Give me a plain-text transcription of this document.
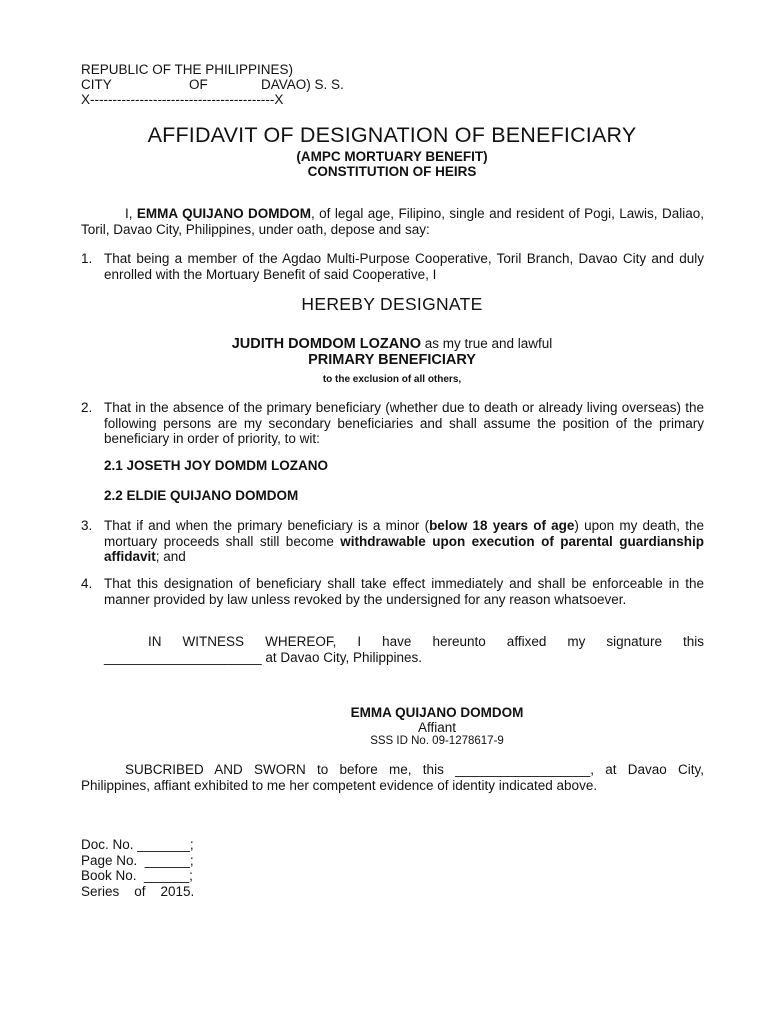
REPUBLIC OF THE PHILIPPINES)
CITY	OF	DAVAO) S. S.
X-----------------------------------------X
AFFIDAVIT OF DESIGNATION OF BENEFICIARY
(AMPC MORTUARY BENEFIT)
CONSTITUTION OF HEIRS
I, EMMA QUIJANO DOMDOM, of legal age, Filipino, single and resident of Pogi, Lawis, Daliao, Toril, Davao City, Philippines, under oath, depose and say:
1. That being a member of the Agdao Multi-Purpose Cooperative, Toril Branch, Davao City and duly enrolled with the Mortuary Benefit of said Cooperative, I
HEREBY DESIGNATE
JUDITH DOMDOM LOZANO as my true and lawful
PRIMARY BENEFICIARY
to the exclusion of all others,
2. That in the absence of the primary beneficiary (whether due to death or already living overseas) the following persons are my secondary beneficiaries and shall assume the position of the primary beneficiary in order of priority, to wit:
2.1 JOSETH JOY DOMDM LOZANO
2.2 ELDIE QUIJANO DOMDOM
3. That if and when the primary beneficiary is a minor (below 18 years of age) upon my death, the mortuary proceeds shall still become withdrawable upon execution of parental guardianship affidavit; and
4. That this designation of beneficiary shall take effect immediately and shall be enforceable in the manner provided by law unless revoked by the undersigned for any reason whatsoever.
IN WITNESS WHEREOF, I have hereunto affixed my signature this
_____________________ at Davao City, Philippines.
EMMA QUIJANO DOMDOM
Affiant
SSS ID No. 09-1278617-9
SUBCRIBED AND SWORN to before me, this __________________, at Davao City,
Philippines, affiant exhibited to me her competent evidence of identity indicated above.
Doc. No. _______;
Page No.  ______;
Book No.  ______;
Series    of    2015.
